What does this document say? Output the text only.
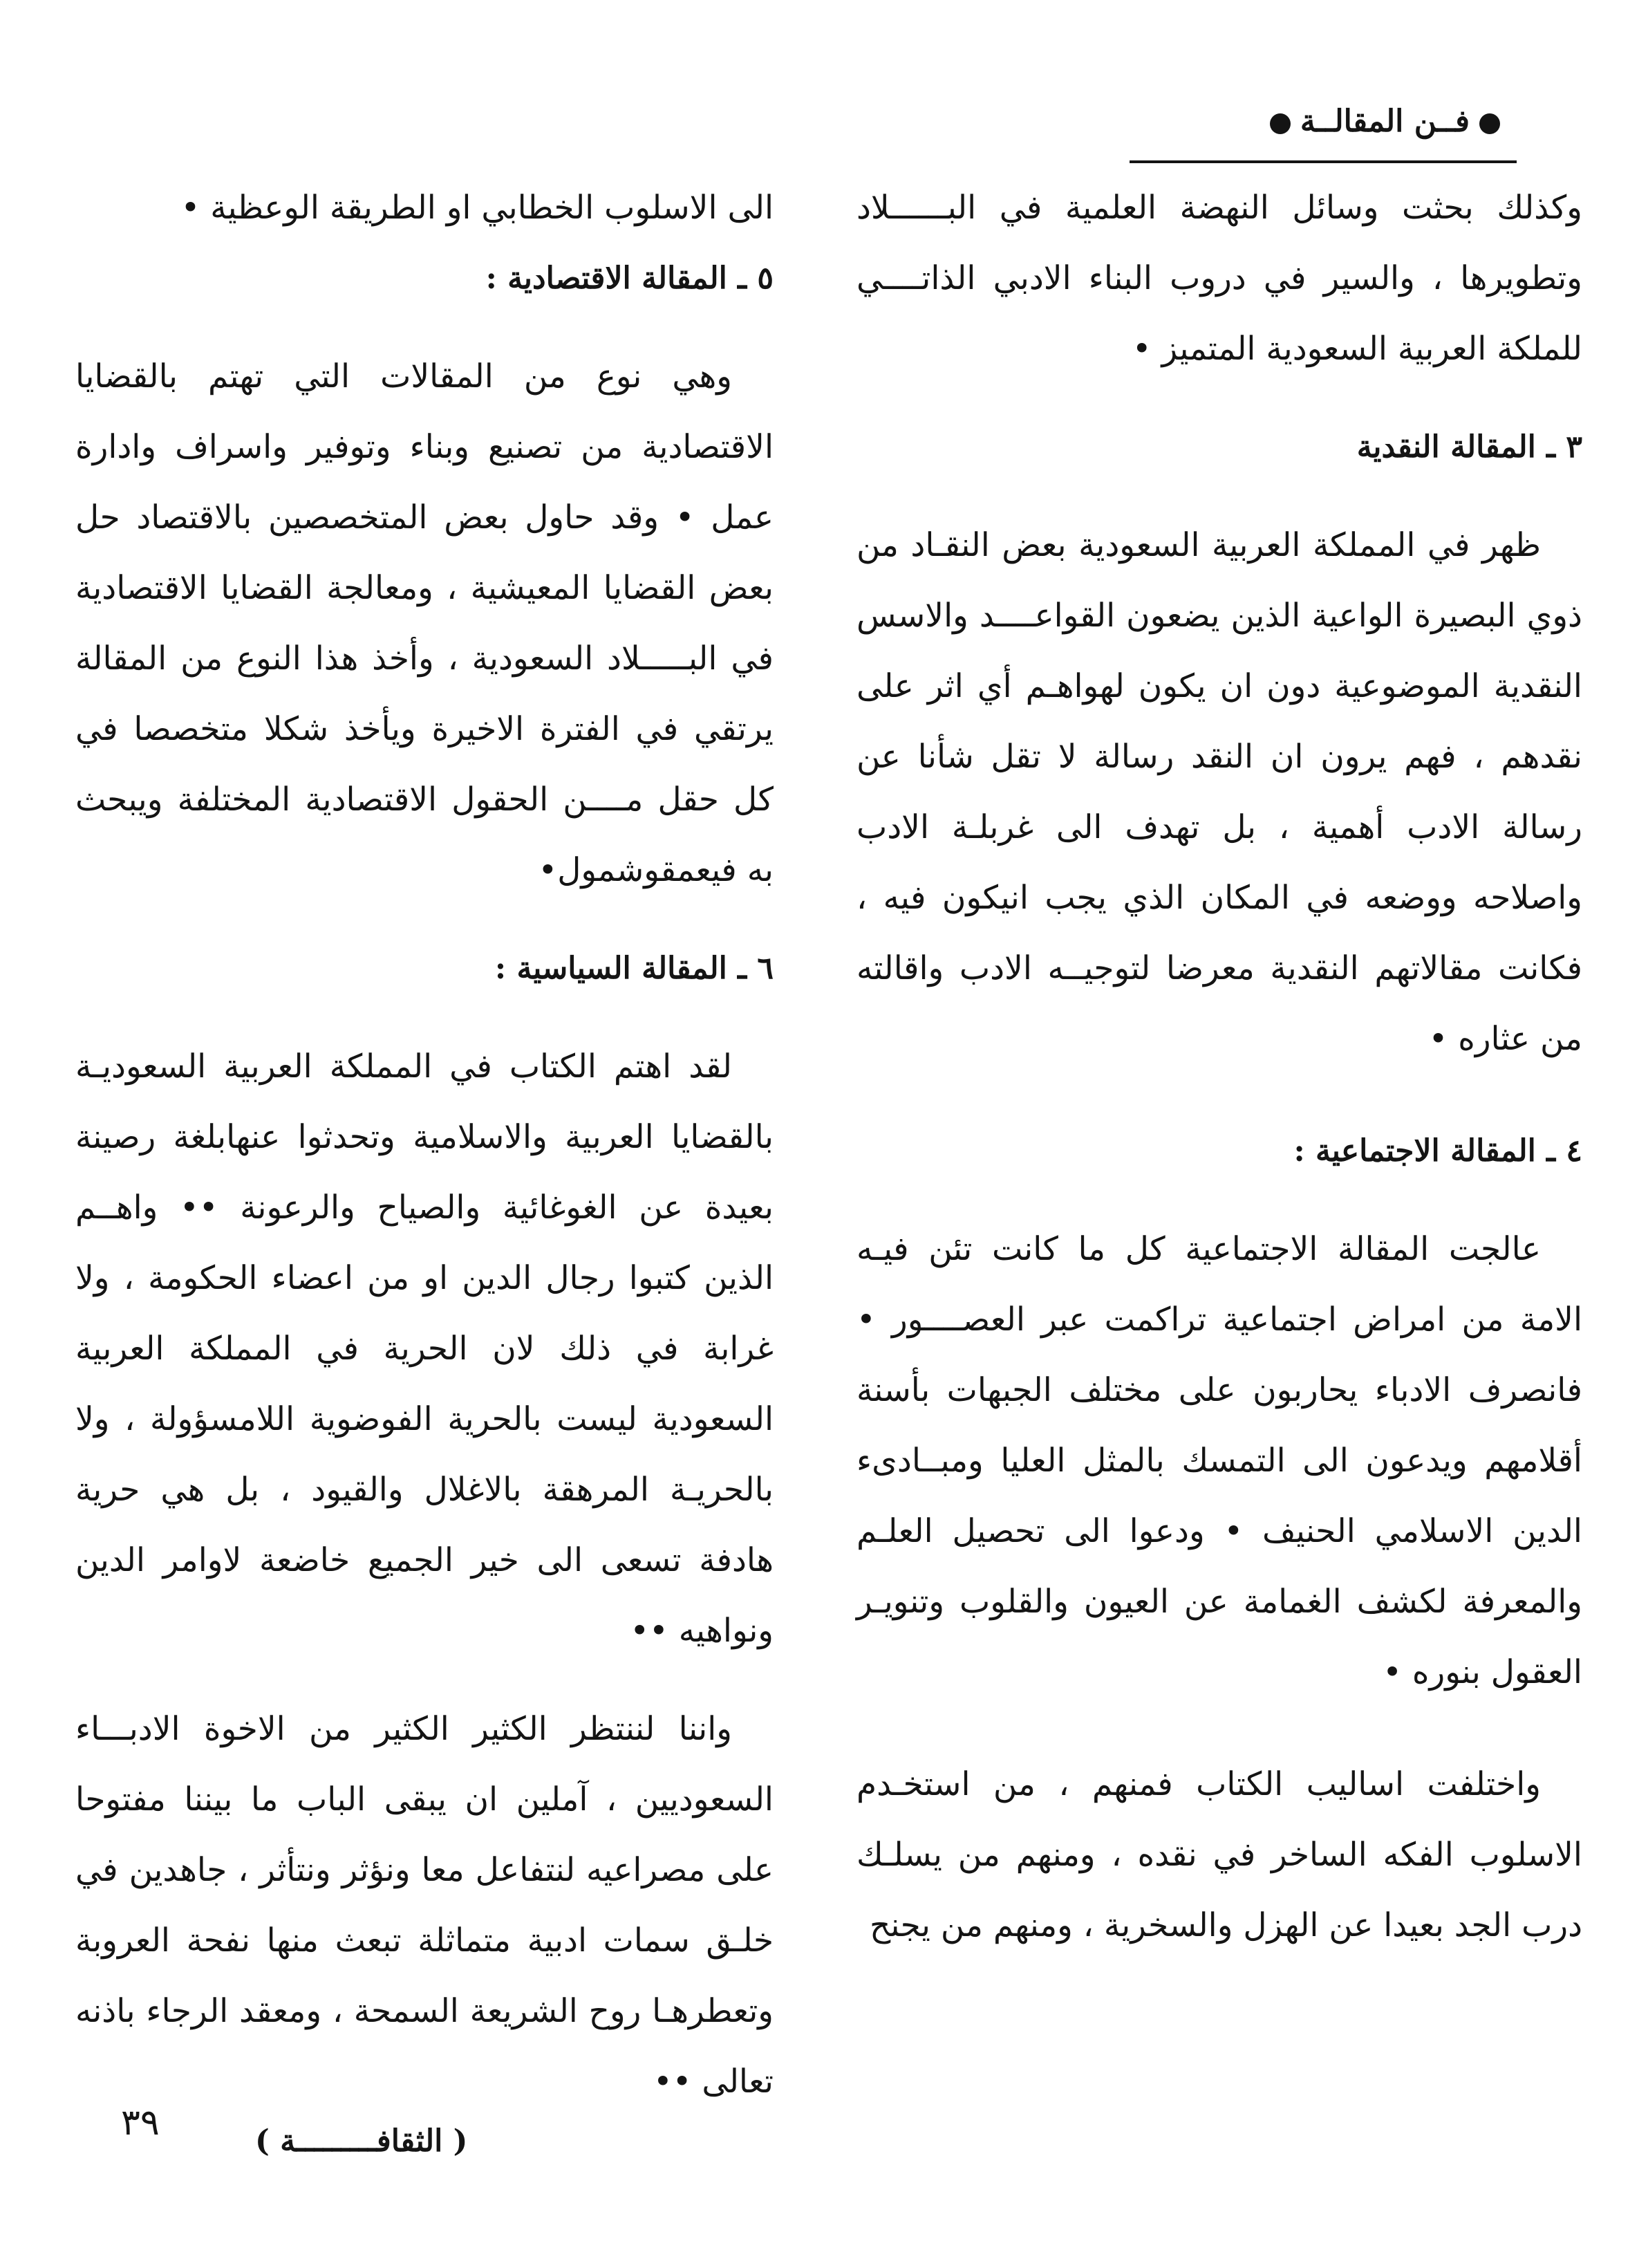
فــن المقالــة

وكذلك بحثت وسائل النهضة العلمية في البــــــلاد وتطويرها ، والسير في دروب البناء الادبي الذاتــــي للملكة العربية السعودية المتميز •

٣ ـ المقالة النقدية

ظهر في المملكة العربية السعودية بعض النقـاد من ذوي البصيرة الواعية الذين يضعون القواعــــد والاسس النقدية الموضوعية دون ان يكون لهواهـم أي اثر على نقدهم ، فهم يرون ان النقد رسالة لا تقل شأنا عن رسالة الادب أهمية ، بل تهدف الى غربلـة الادب واصلاحه ووضعه في المكان الذي يجب انيكون فيه ، فكانت مقالاتهم النقدية معرضا لتوجيــه الادب واقالته من عثاره •

٤ ـ المقالة الاجتماعية :

عالجت المقالة الاجتماعية كل ما كانت تئن فيـه الامة من امراض اجتماعية تراكمت عبر العصــــور • فانصرف الادباء يحاربون على مختلف الجبهات بأسنة أقلامهم ويدعون الى التمسك بالمثل العليا ومبــادىء الدين الاسلامي الحنيف • ودعوا الى تحصيل العلـم والمعرفة لكشف الغمامة عن العيون والقلوب وتنويـر العقول بنوره •

واختلفت اساليب الكتاب فمنهم ، من استخـدم الاسلوب الفكه الساخر في نقده ، ومنهم من يسلـك درب الجد بعيدا عن الهزل والسخرية ، ومنهم من يجنح

الى الاسلوب الخطابي او الطريقة الوعظية •

٥ ـ المقالة الاقتصادية :

وهي نوع من المقالات التي تهتم بالقضايا الاقتصادية من تصنيع وبناء وتوفير واسراف وادارة عمل • وقد حاول بعض المتخصصين بالاقتصاد حل بعض القضايا المعيشية ، ومعالجة القضايا الاقتصادية في البـــــلاد السعودية ، وأخذ هذا النوع من المقالة يرتقي في الفترة الاخيرة ويأخذ شكلا متخصصا في كل حقل مــــن الحقول الاقتصادية المختلفة ويبحث به فيعمقوشمول•

٦ ـ المقالة السياسية :

لقد اهتم الكتاب في المملكة العربية السعوديـة بالقضايا العربية والاسلامية وتحدثوا عنهابلغة رصينة بعيدة عن الغوغائية والصياح والرعونة •• واهــم الذين كتبوا رجال الدين او من اعضاء الحكومة ، ولا غرابة في ذلك لان الحرية في المملكة العربية السعودية ليست بالحرية الفوضوية اللامسؤولة ، ولا بالحريـة المرهقة بالاغلال والقيود ، بل هي حرية هادفة تسعى الى خير الجميع خاضعة لاوامر الدين ونواهيه ••

واننا لننتظر الكثير الكثير من الاخوة الادبـــاء السعوديين ، آملين ان يبقى الباب ما بيننا مفتوحا على مصراعيه لنتفاعل معا ونؤثر ونتأثر ، جاهدين في خلـق سمات ادبية متماثلة تبعث منها نفحة العروبة وتعطرهـا روح الشريعة السمحة ، ومعقد الرجاء باذنه تعالى ••

( الثقافـــــــــة )

٣٩
